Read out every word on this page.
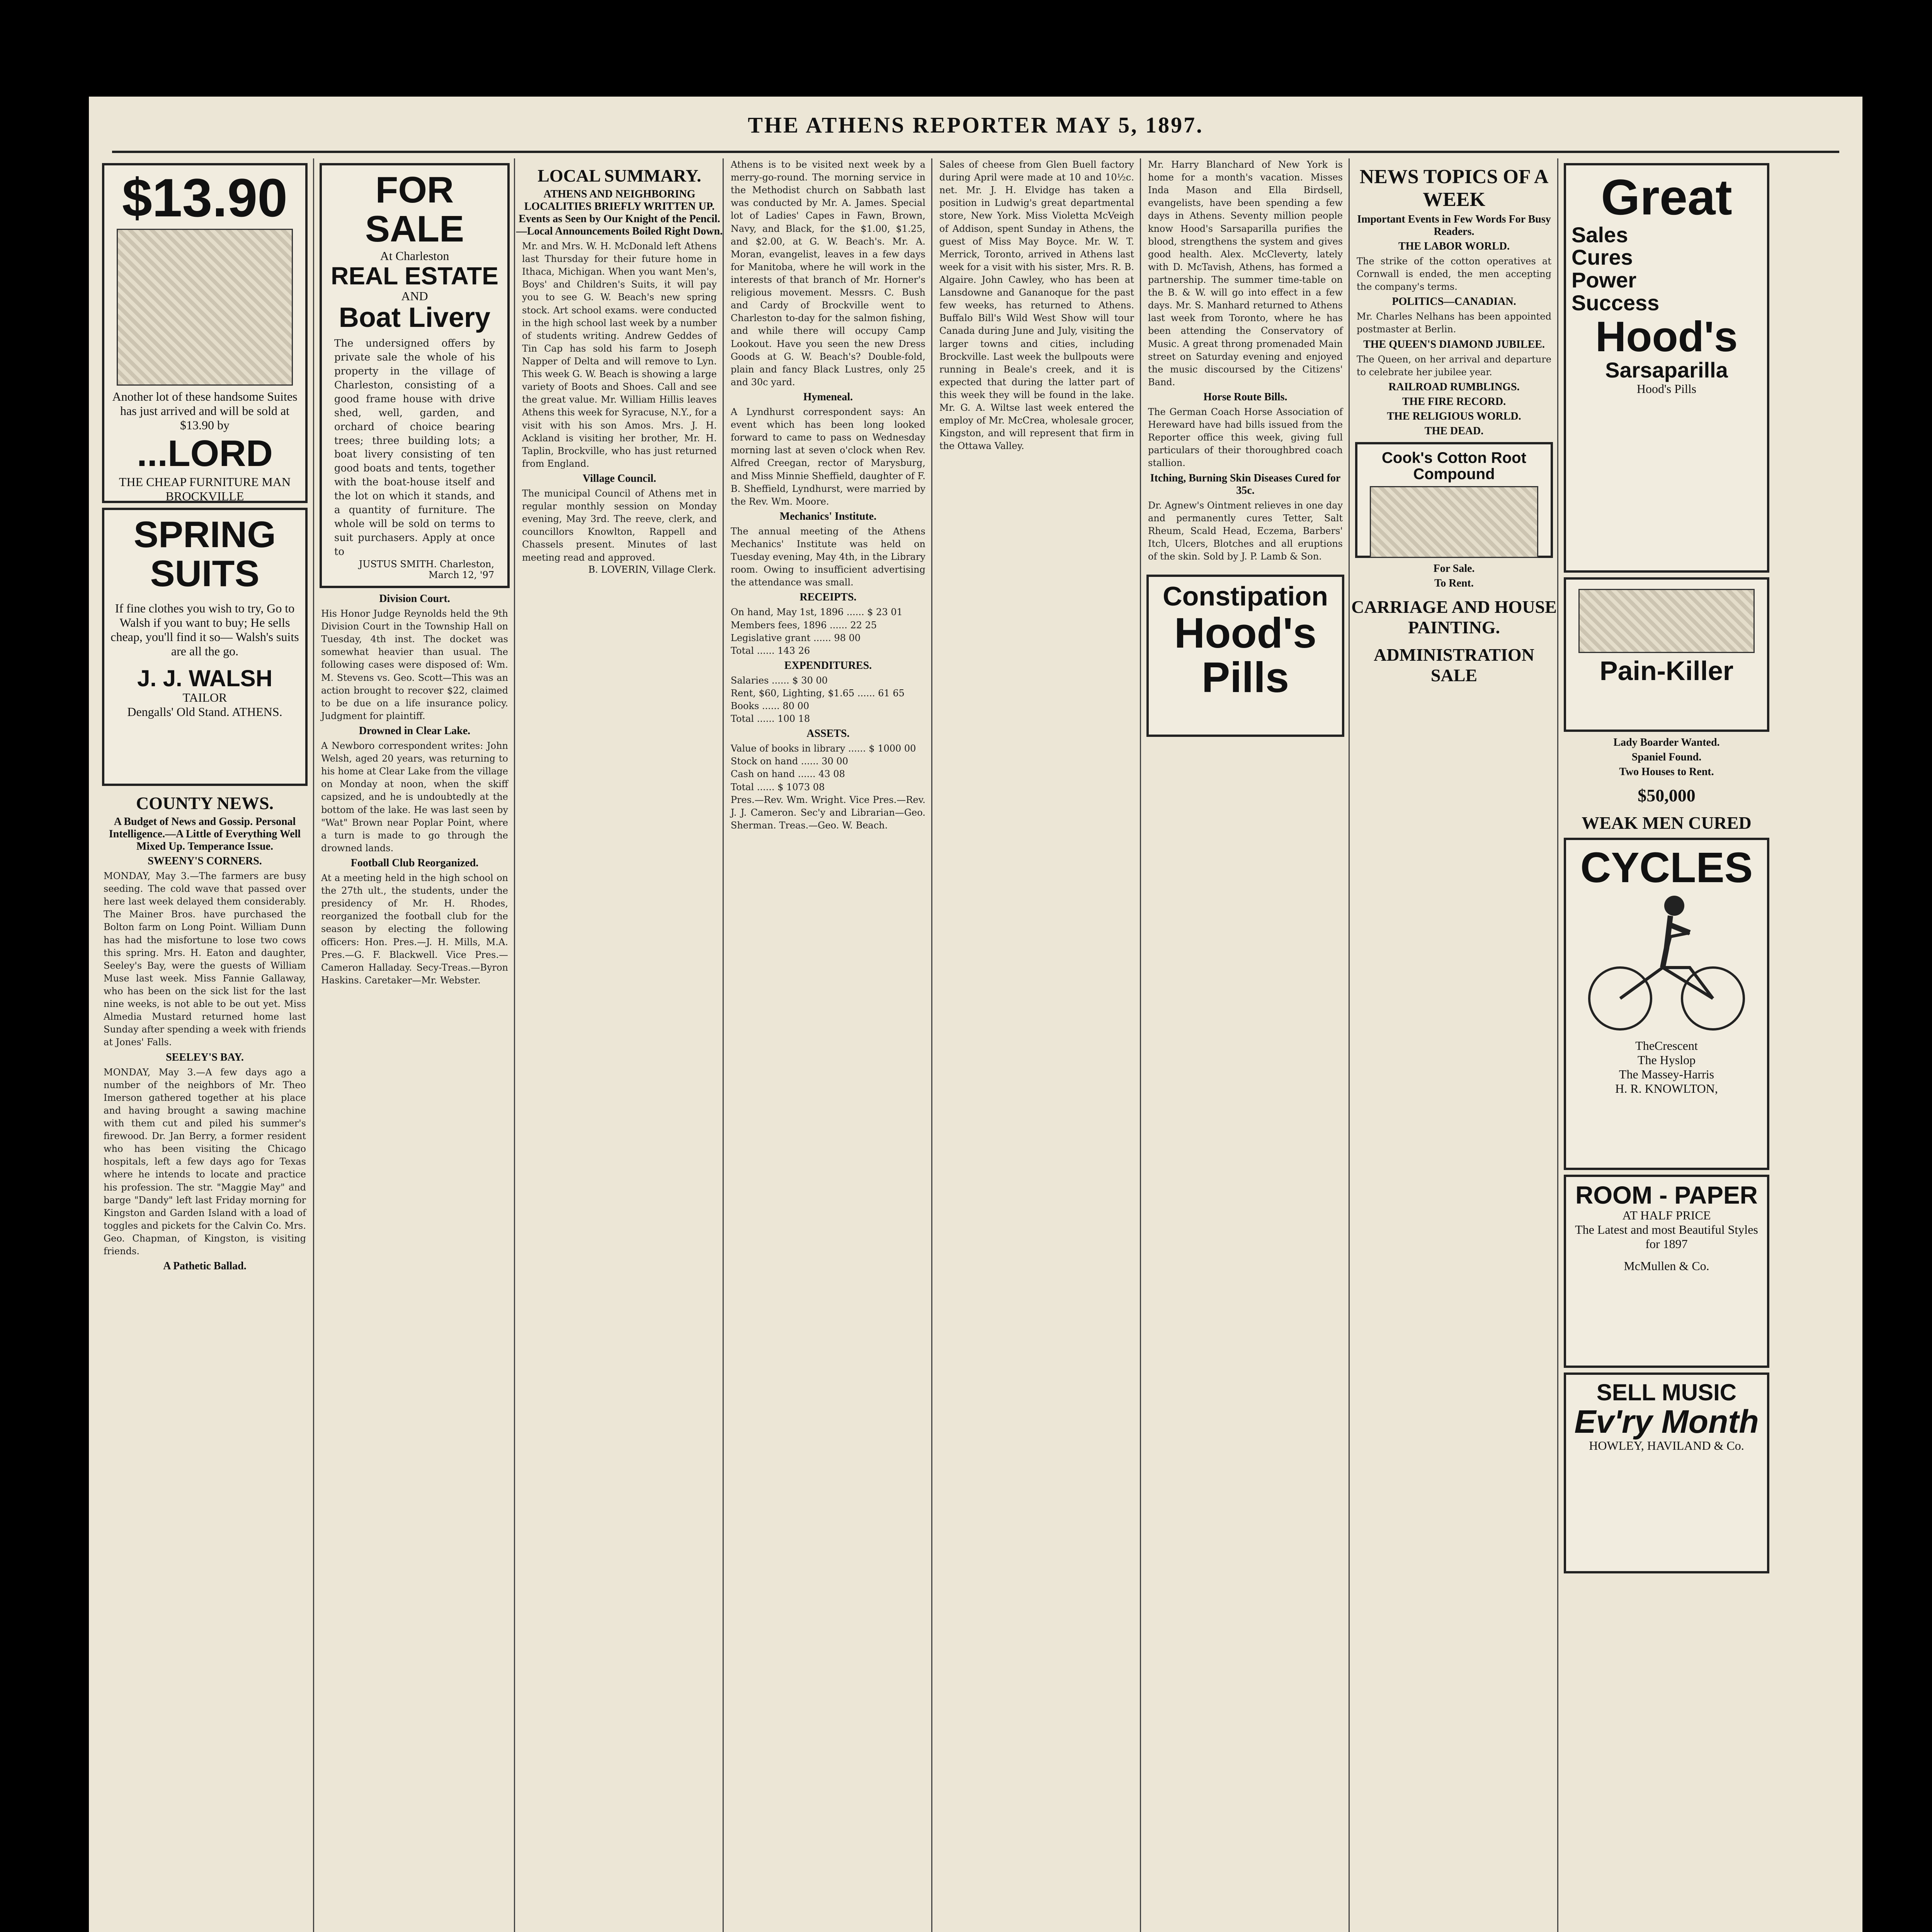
THE ATHENS REPORTER MAY 5, 1897.
$13.90
Another lot of these handsome Suites has just arrived and will be sold at $13.90 by
...LORD
THE CHEAP FURNITURE MAN BROCKVILLE
SPRING SUITS
If fine clothes you wish to try, Go to Walsh if you want to buy; He sells cheap, you'll find it so— Walsh's suits are all the go.
J. J. WALSH
TAILOR
Dengalls' Old Stand. ATHENS.
COUNTY NEWS.
A Budget of News and Gossip. Personal Intelligence.—A Little of Everything Well Mixed Up. Temperance Issue.
SWEENY'S CORNERS.
MONDAY, May 3.—The farmers are busy seeding. The cold wave that passed over here last week delayed them considerably. The Mainer Bros. have purchased the Bolton farm on Long Point. William Dunn has had the misfortune to lose two cows this spring. Mrs. H. Eaton and daughter, Seeley's Bay, were the guests of William Muse last week. Miss Fannie Gallaway, who has been on the sick list for the last nine weeks, is not able to be out yet. Miss Almedia Mustard returned home last Sunday after spending a week with friends at Jones' Falls.
SEELEY'S BAY.
MONDAY, May 3.—A few days ago a number of the neighbors of Mr. Theo Imerson gathered together at his place and having brought a sawing machine with them cut and piled his summer's firewood. Dr. Jan Berry, a former resident who has been visiting the Chicago hospitals, left a few days ago for Texas where he intends to locate and practice his profession. The str. "Maggie May" and barge "Dandy" left last Friday morning for Kingston and Garden Island with a load of toggles and pickets for the Calvin Co. Mrs. Geo. Chapman, of Kingston, is visiting friends.
A Pathetic Ballad.
FOR SALE
At Charleston
REAL ESTATE
AND
Boat Livery
The undersigned offers by private sale the whole of his property in the village of Charleston, consisting of a good frame house with drive shed, well, garden, and orchard of choice bearing trees; three building lots; a boat livery consisting of ten good boats and tents, together with the boat-house itself and the lot on which it stands, and a quantity of furniture. The whole will be sold on terms to suit purchasers. Apply at once to
JUSTUS SMITH. Charleston, March 12, '97
Division Court.
His Honor Judge Reynolds held the 9th Division Court in the Township Hall on Tuesday, 4th inst. The docket was somewhat heavier than usual. The following cases were disposed of: Wm. M. Stevens vs. Geo. Scott—This was an action brought to recover $22, claimed to be due on a life insurance policy. Judgment for plaintiff.
Drowned in Clear Lake.
A Newboro correspondent writes: John Welsh, aged 20 years, was returning to his home at Clear Lake from the village on Monday at noon, when the skiff capsized, and he is undoubtedly at the bottom of the lake. He was last seen by "Wat" Brown near Poplar Point, where a turn is made to go through the drowned lands.
Football Club Reorganized.
At a meeting held in the high school on the 27th ult., the students, under the presidency of Mr. H. Rhodes, reorganized the football club for the season by electing the following officers: Hon. Pres.—J. H. Mills, M.A. Pres.—G. F. Blackwell. Vice Pres.—Cameron Halladay. Secy-Treas.—Byron Haskins. Caretaker—Mr. Webster.
LOCAL SUMMARY.
ATHENS AND NEIGHBORING LOCALITIES BRIEFLY WRITTEN UP. Events as Seen by Our Knight of the Pencil.—Local Announcements Boiled Right Down.
Mr. and Mrs. W. H. McDonald left Athens last Thursday for their future home in Ithaca, Michigan. When you want Men's, Boys' and Children's Suits, it will pay you to see G. W. Beach's new spring stock. Art school exams. were conducted in the high school last week by a number of students writing. Andrew Geddes of Tin Cap has sold his farm to Joseph Napper of Delta and will remove to Lyn. This week G. W. Beach is showing a large variety of Boots and Shoes. Call and see the great value. Mr. William Hillis leaves Athens this week for Syracuse, N.Y., for a visit with his son Amos. Mrs. J. H. Ackland is visiting her brother, Mr. H. Taplin, Brockville, who has just returned from England.
Village Council.
The municipal Council of Athens met in regular monthly session on Monday evening, May 3rd. The reeve, clerk, and councillors Knowlton, Rappell and Chassels present. Minutes of last meeting read and approved.
B. LOVERIN, Village Clerk.
Athens is to be visited next week by a merry-go-round. The morning service in the Methodist church on Sabbath last was conducted by Mr. A. James. Special lot of Ladies' Capes in Fawn, Brown, Navy, and Black, for the $1.00, $1.25, and $2.00, at G. W. Beach's. Mr. A. Moran, evangelist, leaves in a few days for Manitoba, where he will work in the interests of that branch of Mr. Horner's religious movement. Messrs. C. Bush and Cardy of Brockville went to Charleston to-day for the salmon fishing, and while there will occupy Camp Lookout. Have you seen the new Dress Goods at G. W. Beach's? Double-fold, plain and fancy Black Lustres, only 25 and 30c yard.
Hymeneal.
A Lyndhurst correspondent says: An event which has been long looked forward to came to pass on Wednesday morning last at seven o'clock when Rev. Alfred Creegan, rector of Marysburg, and Miss Minnie Sheffield, daughter of F. B. Sheffield, Lyndhurst, were married by the Rev. Wm. Moore.
Mechanics' Institute.
The annual meeting of the Athens Mechanics' Institute was held on Tuesday evening, May 4th, in the Library room. Owing to insufficient advertising the attendance was small.
RECEIPTS.
On hand, May 1st, 1896 ...... $ 23 01
Members fees, 1896 ...... 22 25
Legislative grant ...... 98 00
Total ...... 143 26
EXPENDITURES.
Salaries ...... $ 30 00
Rent, $60, Lighting, $1.65 ...... 61 65
Books ...... 80 00
Total ...... 100 18
ASSETS.
Value of books in library ...... $ 1000 00
Stock on hand ...... 30 00
Cash on hand ...... 43 08
Total ...... $ 1073 08
Pres.—Rev. Wm. Wright. Vice Pres.—Rev. J. J. Cameron. Sec'y and Librarian—Geo. Sherman. Treas.—Geo. W. Beach.
Sales of cheese from Glen Buell factory during April were made at 10 and 10½c. net. Mr. J. H. Elvidge has taken a position in Ludwig's great departmental store, New York. Miss Violetta McVeigh of Addison, spent Sunday in Athens, the guest of Miss May Boyce. Mr. W. T. Merrick, Toronto, arrived in Athens last week for a visit with his sister, Mrs. R. B. Algaire. John Cawley, who has been at Lansdowne and Gananoque for the past few weeks, has returned to Athens. Buffalo Bill's Wild West Show will tour Canada during June and July, visiting the larger towns and cities, including Brockville. Last week the bullpouts were running in Beale's creek, and it is expected that during the latter part of this week they will be found in the lake. Mr. G. A. Wiltse last week entered the employ of Mr. McCrea, wholesale grocer, Kingston, and will represent that firm in the Ottawa Valley.
Mr. Harry Blanchard of New York is home for a month's vacation. Misses Inda Mason and Ella Birdsell, evangelists, have been spending a few days in Athens. Seventy million people know Hood's Sarsaparilla purifies the blood, strengthens the system and gives good health. Alex. McCleverty, lately with D. McTavish, Athens, has formed a partnership. The summer time-table on the B. & W. will go into effect in a few days. Mr. S. Manhard returned to Athens last week from Toronto, where he has been attending the Conservatory of Music. A great throng promenaded Main street on Saturday evening and enjoyed the music discoursed by the Citizens' Band.
Horse Route Bills.
The German Coach Horse Association of Hereward have had bills issued from the Reporter office this week, giving full particulars of their thoroughbred coach stallion.
Itching, Burning Skin Diseases Cured for 35c.
Dr. Agnew's Ointment relieves in one day and permanently cures Tetter, Salt Rheum, Scald Head, Eczema, Barbers' Itch, Ulcers, Blotches and all eruptions of the skin. Sold by J. P. Lamb & Son.
Constipation
Hood's Pills
NEWS TOPICS OF A WEEK
Important Events in Few Words For Busy Readers.
THE LABOR WORLD.
The strike of the cotton operatives at Cornwall is ended, the men accepting the company's terms.
POLITICS—CANADIAN.
Mr. Charles Nelhans has been appointed postmaster at Berlin.
THE QUEEN'S DIAMOND JUBILEE.
The Queen, on her arrival and departure to celebrate her jubilee year.
RAILROAD RUMBLINGS.
THE FIRE RECORD.
THE RELIGIOUS WORLD.
THE DEAD.
Cook's Cotton Root Compound
For Sale.
To Rent.
CARRIAGE AND HOUSE PAINTING.
ADMINISTRATION SALE
Great
Sales
Cures
Power
Success
Hood's
Sarsaparilla
Hood's Pills
Pain-Killer
Lady Boarder Wanted.
Spaniel Found.
Two Houses to Rent.
$50,000
WEAK MEN CURED
CYCLES
TheCrescent
The Hyslop
The Massey-Harris
H. R. KNOWLTON,
ROOM - PAPER
AT HALF PRICE
The Latest and most Beautiful Styles for 1897
McMullen & Co.
SELL MUSIC
Ev'ry Month
HOWLEY, HAVILAND & Co.
